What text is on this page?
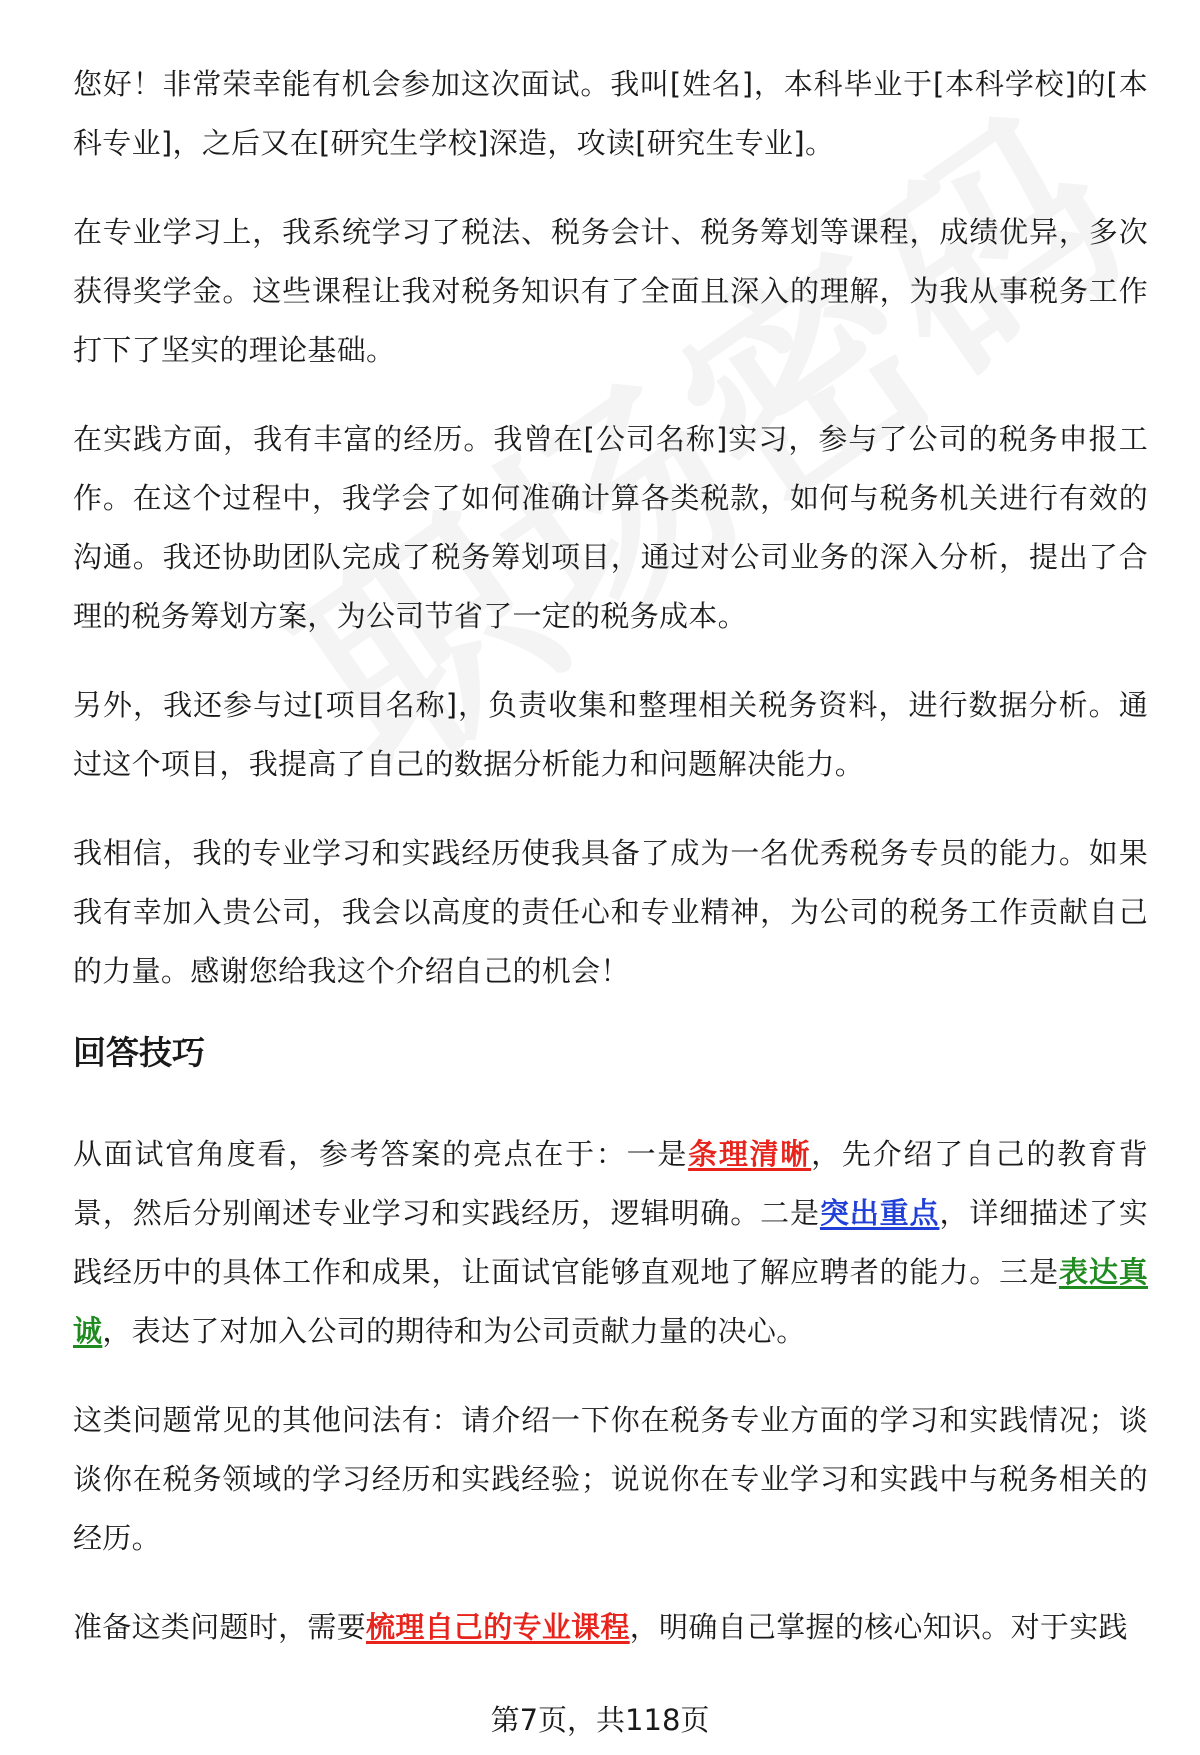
您好！非常荣幸能有机会参加这次面试。我叫[姓名]，本科毕业于[本科学校]的[本科专业]，之后又在[研究生学校]深造，攻读[研究生专业]。

在专业学习上，我系统学习了税法、税务会计、税务筹划等课程，成绩优异，多次获得奖学金。这些课程让我对税务知识有了全面且深入的理解，为我从事税务工作打下了坚实的理论基础。

在实践方面，我有丰富的经历。我曾在[公司名称]实习，参与了公司的税务申报工作。在这个过程中，我学会了如何准确计算各类税款，如何与税务机关进行有效的沟通。我还协助团队完成了税务筹划项目，通过对公司业务的深入分析，提出了合理的税务筹划方案，为公司节省了一定的税务成本。

另外，我还参与过[项目名称]，负责收集和整理相关税务资料，进行数据分析。通过这个项目，我提高了自己的数据分析能力和问题解决能力。

我相信，我的专业学习和实践经历使我具备了成为一名优秀税务专员的能力。如果我有幸加入贵公司，我会以高度的责任心和专业精神，为公司的税务工作贡献自己的力量。感谢您给我这个介绍自己的机会！

回答技巧

从面试官角度看，参考答案的亮点在于：一是条理清晰，先介绍了自己的教育背景，然后分别阐述专业学习和实践经历，逻辑明确。二是突出重点，详细描述了实践经历中的具体工作和成果，让面试官能够直观地了解应聘者的能力。三是表达真诚，表达了对加入公司的期待和为公司贡献力量的决心。

这类问题常见的其他问法有：请介绍一下你在税务专业方面的学习和实践情况；谈谈你在税务领域的学习经历和实践经验；说说你在专业学习和实践中与税务相关的经历。

准备这类问题时，需要梳理自己的专业课程，明确自己掌握的核心知识。对于实践

第7页，共118页
